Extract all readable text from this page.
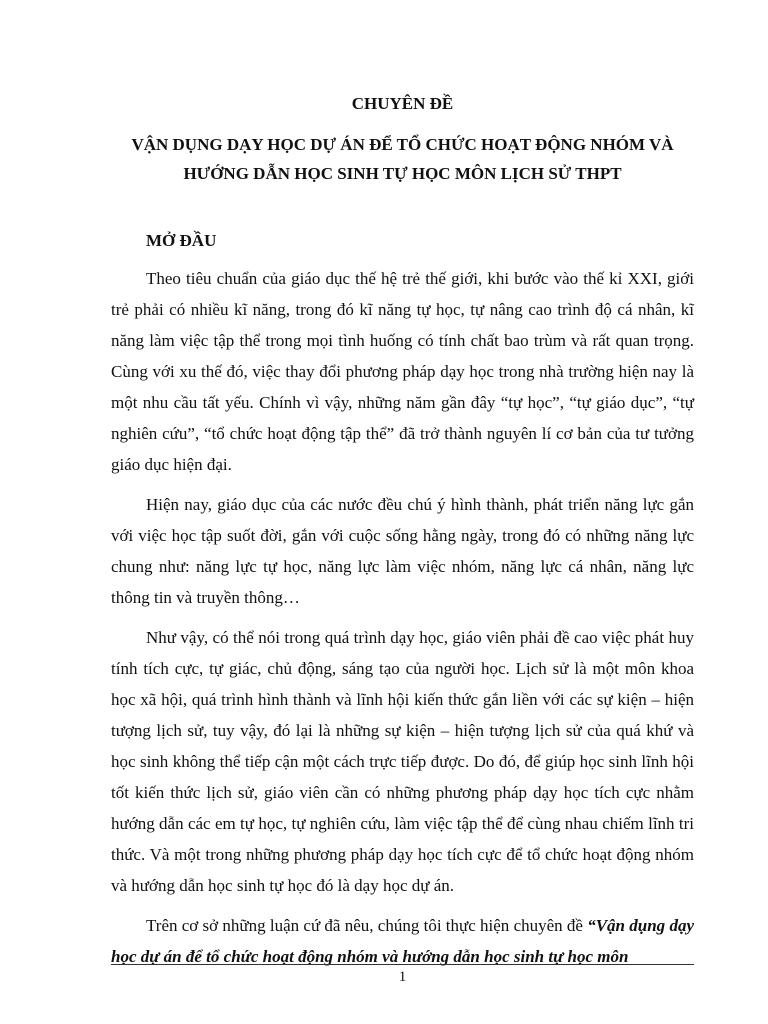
CHUYÊN ĐỀ
VẬN DỤNG DẠY HỌC DỰ ÁN ĐỂ TỔ CHỨC HOẠT ĐỘNG NHÓM VÀ
HƯỚNG DẪN HỌC SINH TỰ HỌC MÔN LỊCH SỬ THPT
MỞ ĐẦU

Theo tiêu chuẩn của giáo dục thế hệ trẻ thế giới, khi bước vào thế kỉ XXI, giới trẻ phải có nhiều kĩ năng, trong đó kĩ năng tự học, tự nâng cao trình độ cá nhân, kĩ năng làm việc tập thể trong mọi tình huống có tính chất bao trùm và rất quan trọng. Cùng với xu thế đó, việc thay đổi phương pháp dạy học trong nhà trường hiện nay là một nhu cầu tất yếu. Chính vì vậy, những năm gần đây “tự học”, “tự giáo dục”, “tự nghiên cứu”, “tổ chức hoạt động tập thể” đã trở thành nguyên lí cơ bản của tư tưởng giáo dục hiện đại.

Hiện nay, giáo dục của các nước đều chú ý hình thành, phát triển năng lực gắn với việc học tập suốt đời, gắn với cuộc sống hằng ngày, trong đó có những năng lực chung như: năng lực tự học, năng lực làm việc nhóm, năng lực cá nhân, năng lực thông tin và truyền thông…

Như vậy, có thể nói trong quá trình dạy học, giáo viên phải đề cao việc phát huy tính tích cực, tự giác, chủ động, sáng tạo của người học. Lịch sử là một môn khoa học xã hội, quá trình hình thành và lĩnh hội kiến thức gắn liền với các sự kiện – hiện tượng lịch sử, tuy vậy, đó lại là những sự kiện – hiện tượng lịch sử của quá khứ và học sinh không thể tiếp cận một cách trực tiếp được. Do đó, để giúp học sinh lĩnh hội tốt kiến thức lịch sử, giáo viên cần có những phương pháp dạy học tích cực nhằm hướng dẫn các em tự học, tự nghiên cứu, làm việc tập thể để cùng nhau chiếm lĩnh tri thức. Và một trong những phương pháp dạy học tích cực để tổ chức hoạt động nhóm và hướng dẫn học sinh tự học đó là dạy học dự án.

Trên cơ sở những luận cứ đã nêu, chúng tôi thực hiện chuyên đề “Vận dụng dạy học dự án để tổ chức hoạt động nhóm và hướng dẫn học sinh tự học môn

1
